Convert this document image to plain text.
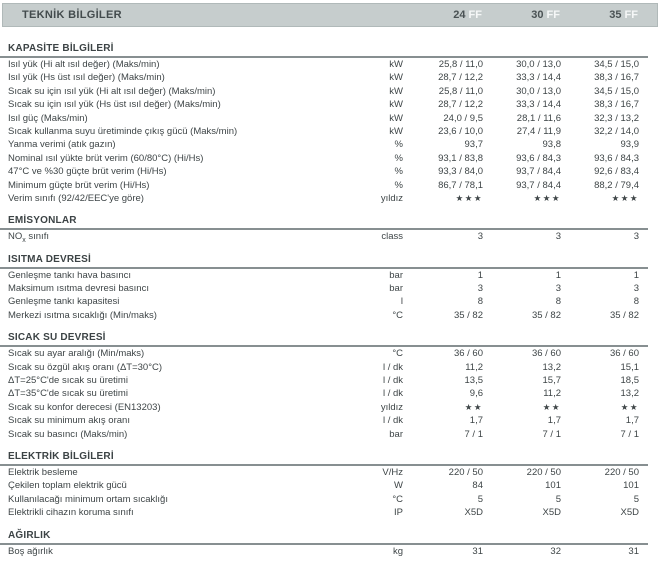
TEKNİK BİLGİLER	24 FF	30 FF	35 FF
KAPASİTE BİLGİLERİ
Isıl yük (Hi alt ısıl değer) (Maks/min)	kW	25,8 / 11,0	30,0 / 13,0	34,5 / 15,0
Isıl yük (Hs üst ısıl değer) (Maks/min)	kW	28,7 / 12,2	33,3 / 14,4	38,3 / 16,7
Sıcak su için ısıl yük (Hi alt ısıl değer) (Maks/min)	kW	25,8 / 11,0	30,0 / 13,0	34,5 / 15,0
Sıcak su için ısıl yük (Hs üst ısıl değer) (Maks/min)	kW	28,7 / 12,2	33,3 / 14,4	38,3 / 16,7
Isıl güç (Maks/min)	kW	24,0 / 9,5	28,1 / 11,6	32,3 / 13,2
Sıcak kullanma suyu üretiminde çıkış gücü (Maks/min)	kW	23,6 / 10,0	27,4 / 11,9	32,2 / 14,0
Yanma verimi (atık gazın)	%	93,7	93,8	93,9
Nominal ısıl yükte brüt verim (60/80°C) (Hi/Hs)	%	93,1 / 83,8	93,6 / 84,3	93,6 / 84,3
47°C ve %30 güçte brüt verim (Hi/Hs)	%	93,3 / 84,0	93,7 / 84,4	92,6 / 83,4
Minimum güçte brüt verim (Hi/Hs)	%	86,7 / 78,1	93,7 / 84,4	88,2 / 79,4
Verim sınıfı (92/42/EEC'ye göre)	yıldız	★★★	★★★	★★★
EMİSYONLAR
$NO_x$ sınıfı	class	3	3	3
ISITMA DEVRESİ
Genleşme tankı hava basıncı	bar	1	1	1
Maksimum ısıtma devresi basıncı	bar	3	3	3
Genleşme tankı kapasitesi	l	8	8	8
Merkezi ısıtma sıcaklığı (Min/maks)	°C	35 / 82	35 / 82	35 / 82
SICAK SU DEVRESİ
Sıcak su ayar aralığı (Min/maks)	°C	36 / 60	36 / 60	36 / 60
Sıcak su özgül akış oranı (ΔT=30°C)	l / dk	11,2	13,2	15,1
ΔT=25°C'de sıcak su üretimi	l / dk	13,5	15,7	18,5
ΔT=35°C'de sıcak su üretimi	l / dk	9,6	11,2	13,2
Sıcak su konfor derecesi (EN13203)	yıldız	★★	★★	★★
Sıcak su minimum akış oranı	l / dk	1,7	1,7	1,7
Sıcak su basıncı (Maks/min)	bar	7 / 1	7 / 1	7 / 1
ELEKTRİK BİLGİLERİ
Elektrik besleme	V/Hz	220 / 50	220 / 50	220 / 50
Çekilen toplam elektrik gücü	W	84	101	101
Kullanılacağı minimum ortam sıcaklığı	°C	5	5	5
Elektrikli cihazın koruma sınıfı	IP	X5D	X5D	X5D
AĞIRLIK
Boş ağırlık	kg	31	32	31
